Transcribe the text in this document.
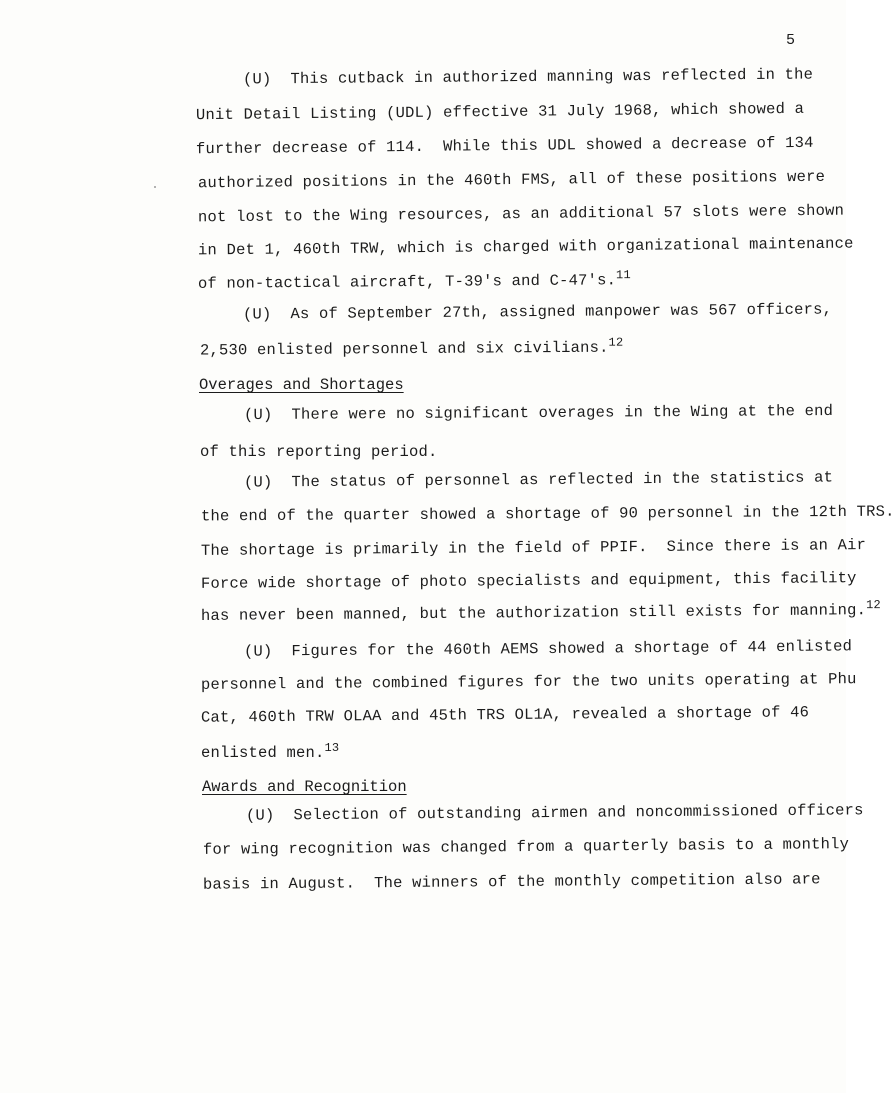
5
(U)  This cutback in authorized manning was reflected in the
Unit Detail Listing (UDL) effective 31 July 1968, which showed a
further decrease of 114.  While this UDL showed a decrease of 134
authorized positions in the 460th FMS, all of these positions were
not lost to the Wing resources, as an additional 57 slots were shown
in Det 1, 460th TRW, which is charged with organizational maintenance
of non-tactical aircraft, T-39's and C-47's.$^{11}$
(U)  As of September 27th, assigned manpower was 567 officers,
2,530 enlisted personnel and six civilians.$^{12}$
Overages and Shortages
(U)  There were no significant overages in the Wing at the end
of this reporting period.
(U)  The status of personnel as reflected in the statistics at
the end of the quarter showed a shortage of 90 personnel in the 12th TRS.
The shortage is primarily in the field of PPIF.  Since there is an Air
Force wide shortage of photo specialists and equipment, this facility
has never been manned, but the authorization still exists for manning.$^{12}$
(U)  Figures for the 460th AEMS showed a shortage of 44 enlisted
personnel and the combined figures for the two units operating at Phu
Cat, 460th TRW OLAA and 45th TRS OL1A, revealed a shortage of 46
enlisted men.$^{13}$
Awards and Recognition
(U)  Selection of outstanding airmen and noncommissioned officers
for wing recognition was changed from a quarterly basis to a monthly
basis in August.  The winners of the monthly competition also are
